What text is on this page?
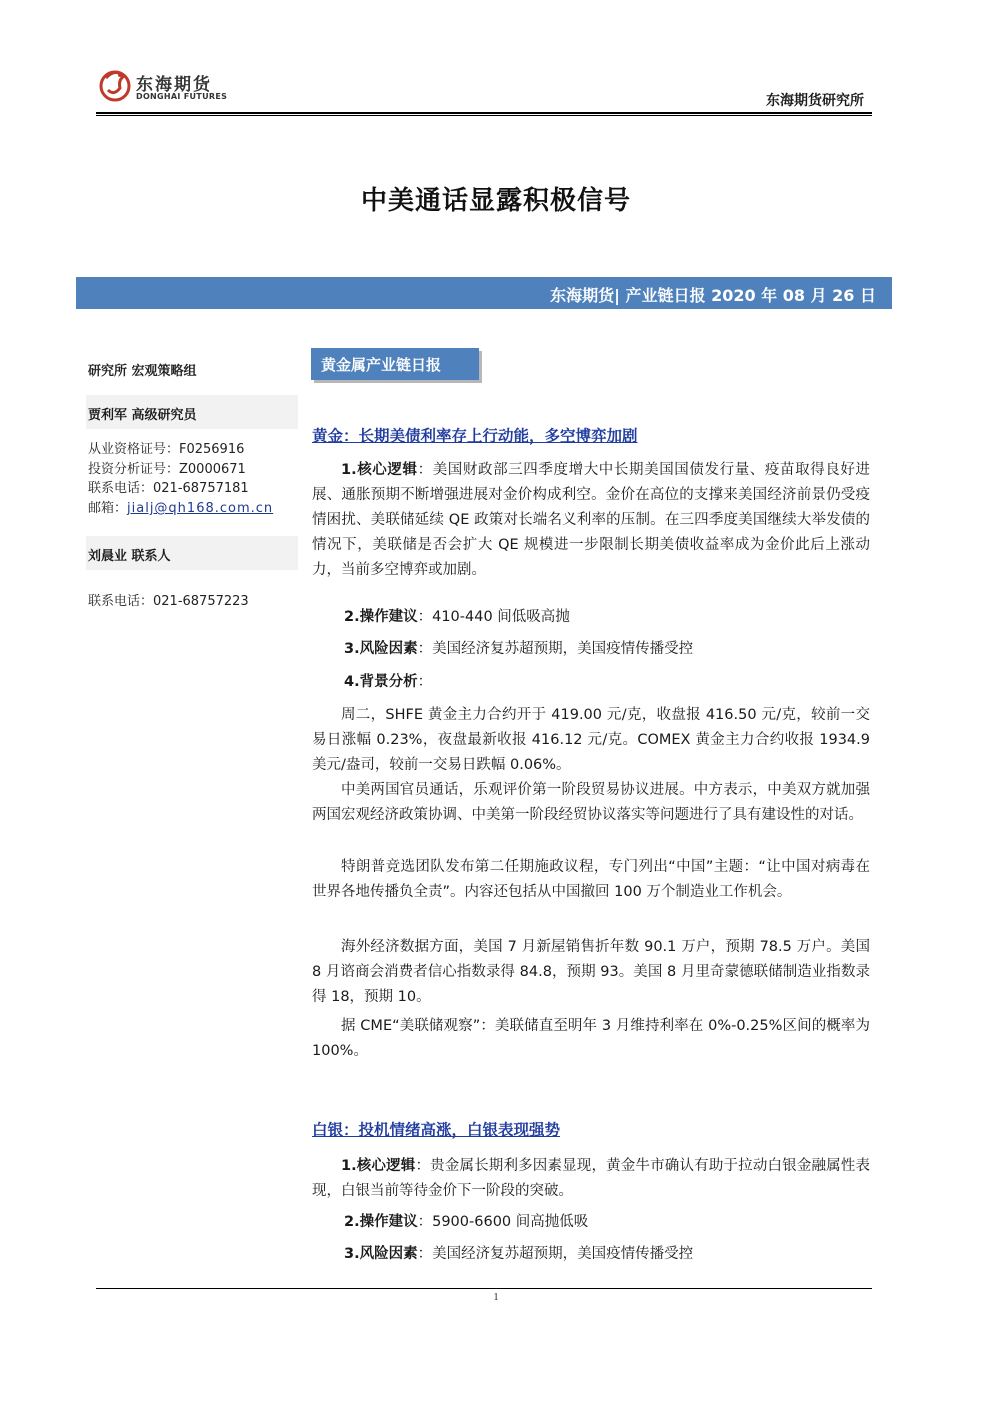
东海期货
DONGHAI FUTURES	东海期货研究所
中美通话显露积极信号
东海期货| 产业链日报 2020 年 08 月 26 日
研究所 宏观策略组
贾利军 高级研究员
从业资格证号：F0256916
投资分析证号：Z0000671
联系电话：021-68757181
邮箱：jialj@qh168.com.cn
刘晨业 联系人
联系电话：021-68757223
黄金属产业链日报
黄金：长期美债利率存上行动能，多空博弈加剧
1.核心逻辑：美国财政部三四季度增大中长期美国国债发行量、疫苗取得良好进展、通胀预期不断增强进展对金价构成利空。金价在高位的支撑来美国经济前景仍受疫情困扰、美联储延续 QE 政策对长端名义利率的压制。在三四季度美国继续大举发债的情况下，美联储是否会扩大 QE 规模进一步限制长期美债收益率成为金价此后上涨动力，当前多空博弈或加剧。
2.操作建议：410-440 间低吸高抛
3.风险因素：美国经济复苏超预期，美国疫情传播受控
4.背景分析：
周二，SHFE 黄金主力合约开于 419.00 元/克，收盘报 416.50 元/克，较前一交易日涨幅 0.23%，夜盘最新收报 416.12 元/克。COMEX 黄金主力合约收报 1934.9 美元/盎司，较前一交易日跌幅 0.06%。
中美两国官员通话，乐观评价第一阶段贸易协议进展。中方表示，中美双方就加强两国宏观经济政策协调、中美第一阶段经贸协议落实等问题进行了具有建设性的对话。
特朗普竞选团队发布第二任期施政议程，专门列出“中国”主题：“让中国对病毒在世界各地传播负全责”。内容还包括从中国撤回 100 万个制造业工作机会。
海外经济数据方面，美国 7 月新屋销售折年数 90.1 万户，预期 78.5 万户。美国 8 月谘商会消费者信心指数录得 84.8，预期 93。美国 8 月里奇蒙德联储制造业指数录得 18，预期 10。
据 CME“美联储观察”：美联储直至明年 3 月维持利率在 0%-0.25%区间的概率为 100%。
白银：投机情绪高涨，白银表现强势
1.核心逻辑：贵金属长期利多因素显现，黄金牛市确认有助于拉动白银金融属性表现，白银当前等待金价下一阶段的突破。
2.操作建议：5900-6600 间高抛低吸
3.风险因素：美国经济复苏超预期，美国疫情传播受控
1
